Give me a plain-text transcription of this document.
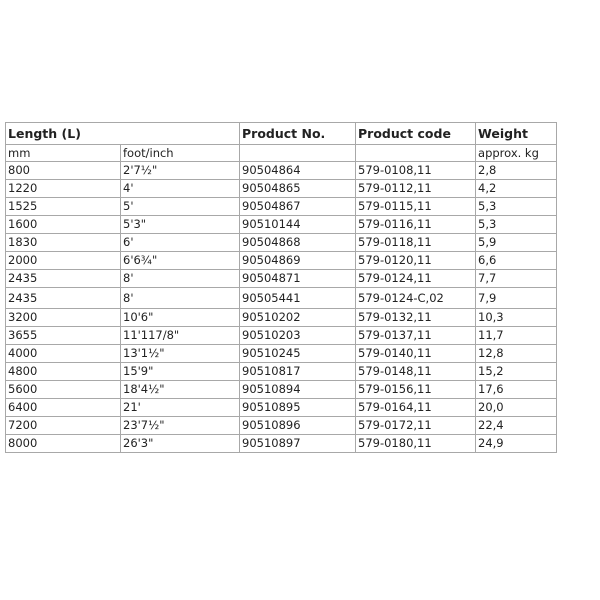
Length (L)		Product No.	Product code	Weight
mm	foot/inch			approx. kg
800	2'7½"	90504864	579-0108,11	2,8
1220	4'	90504865	579-0112,11	4,2
1525	5'	90504867	579-0115,11	5,3
1600	5'3"	90510144	579-0116,11	5,3
1830	6'	90504868	579-0118,11	5,9
2000	6'6¾"	90504869	579-0120,11	6,6
2435	8'	90504871	579-0124,11	7,7
2435	8'	90505441	579-0124-C,02	7,9
3200	10'6"	90510202	579-0132,11	10,3
3655	11'117/8"	90510203	579-0137,11	11,7
4000	13'1½"	90510245	579-0140,11	12,8
4800	15'9"	90510817	579-0148,11	15,2
5600	18'4½"	90510894	579-0156,11	17,6
6400	21'	90510895	579-0164,11	20,0
7200	23'7½"	90510896	579-0172,11	22,4
8000	26'3"	90510897	579-0180,11	24,9
